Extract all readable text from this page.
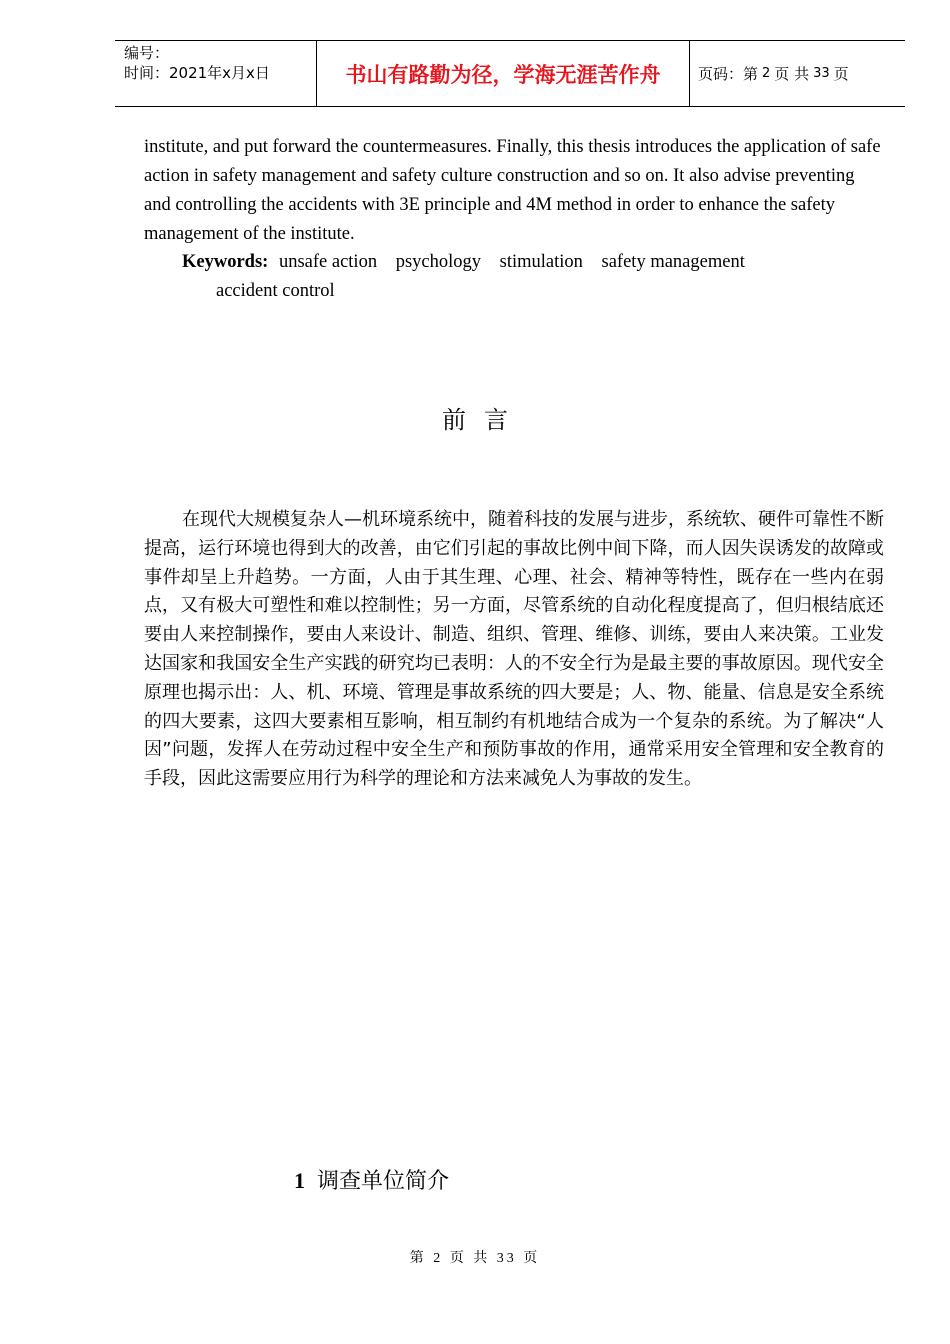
编号：
时间：2021年x月x日	书山有路勤为径，学海无涯苦作舟	页码：第 2 页 共 33 页
institute, and put forward the countermeasures. Finally, this thesis introduces the application of safe action in safety management and safety culture construction and so on. It also advise preventing and controlling the accidents with 3E principle and 4M method in order to enhance the safety management of the institute.
Keywords: unsafe action psychology stimulation safety management
accident control
前言
在现代大规模复杂人—机环境系统中，随着科技的发展与进步，系统软、硬件可靠性不断提高，运行环境也得到大的改善，由它们引起的事故比例中间下降，而人因失误诱发的故障或事件却呈上升趋势。一方面，人由于其生理、心理、社会、精神等特性，既存在一些内在弱点，又有极大可塑性和难以控制性；另一方面，尽管系统的自动化程度提高了，但归根结底还要由人来控制操作，要由人来设计、制造、组织、管理、维修、训练，要由人来决策。工业发达国家和我国安全生产实践的研究均已表明：人的不安全行为是最主要的事故原因。现代安全原理也揭示出：人、机、环境、管理是事故系统的四大要是；人、物、能量、信息是安全系统的四大要素，这四大要素相互影响，相互制约有机地结合成为一个复杂的系统。为了解决“人因”问题，发挥人在劳动过程中安全生产和预防事故的作用，通常采用安全管理和安全教育的手段，因此这需要应用行为科学的理论和方法来减免人为事故的发生。
1 调查单位简介
第 2 页 共 33 页
